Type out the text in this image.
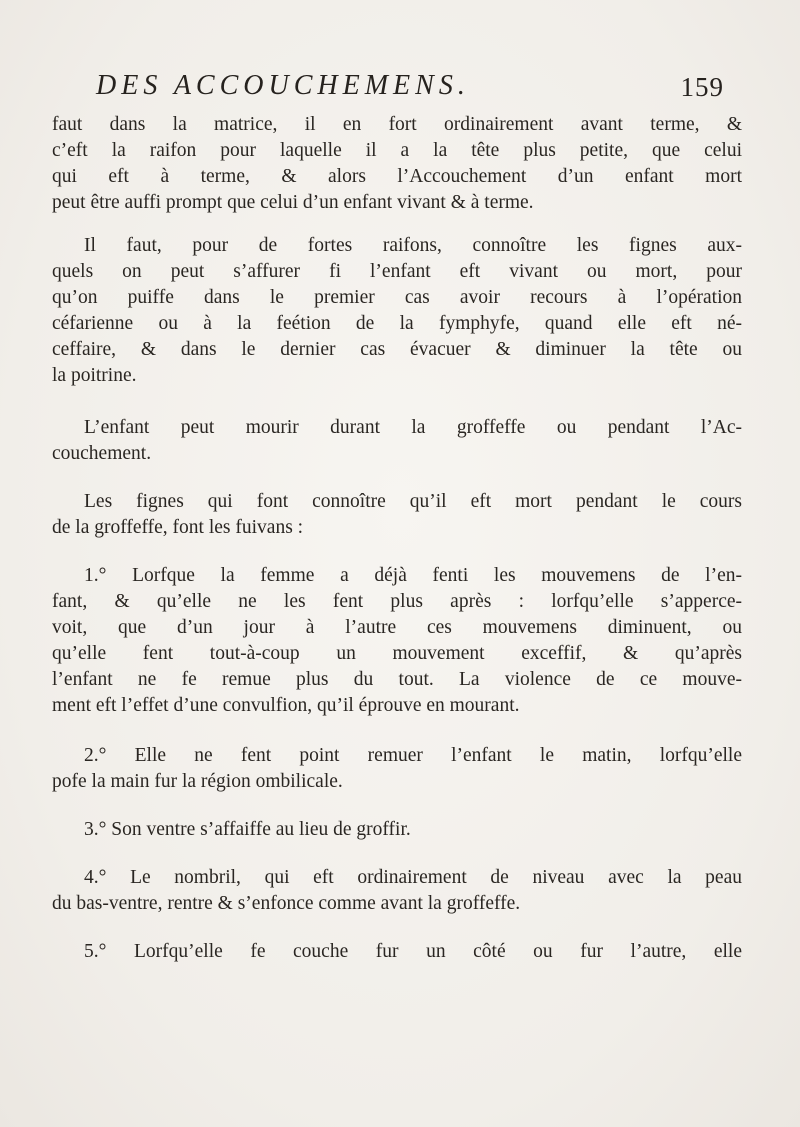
DES ACCOUCHEMENS.	159

faut dans la matrice, il en fort ordinairement avant terme, &
c’eft la raifon pour laquelle il a la tête plus petite, que celui
qui eft à terme, & alors l’Accouchement d’un enfant mort
peut être auffi prompt que celui d’un enfant vivant & à terme.

Il faut, pour de fortes raifons, connoître les fignes aux-
quels on peut s’affurer fi l’enfant eft vivant ou mort, pour
qu’on puiffe dans le premier cas avoir recours à l’opération
céfarienne ou à la feétion de la fymphyfe, quand elle eft né-
ceffaire, & dans le dernier cas évacuer & diminuer la tête ou
la poitrine.

L’enfant peut mourir durant la groffeffe ou pendant l’Ac-
couchement.

Les fignes qui font connoître qu’il eft mort pendant le cours
de la groffeffe, font les fuivans :

1.° Lorfque la femme a déjà fenti les mouvemens de l’en-
fant, & qu’elle ne les fent plus après : lorfqu’elle s’apperce-
voit, que d’un jour à l’autre ces mouvemens diminuent, ou
qu’elle fent tout-à-coup un mouvement exceffif, & qu’après
l’enfant ne fe remue plus du tout. La violence de ce mouve-
ment eft l’effet d’une convulfion, qu’il éprouve en mourant.

2.° Elle ne fent point remuer l’enfant le matin, lorfqu’elle
pofe la main fur la région ombilicale.

3.° Son ventre s’affaiffe au lieu de groffir.

4.° Le nombril, qui eft ordinairement de niveau avec la peau
du bas-ventre, rentre & s’enfonce comme avant la groffeffe.

5.° Lorfqu’elle fe couche fur un côté ou fur l’autre, elle
